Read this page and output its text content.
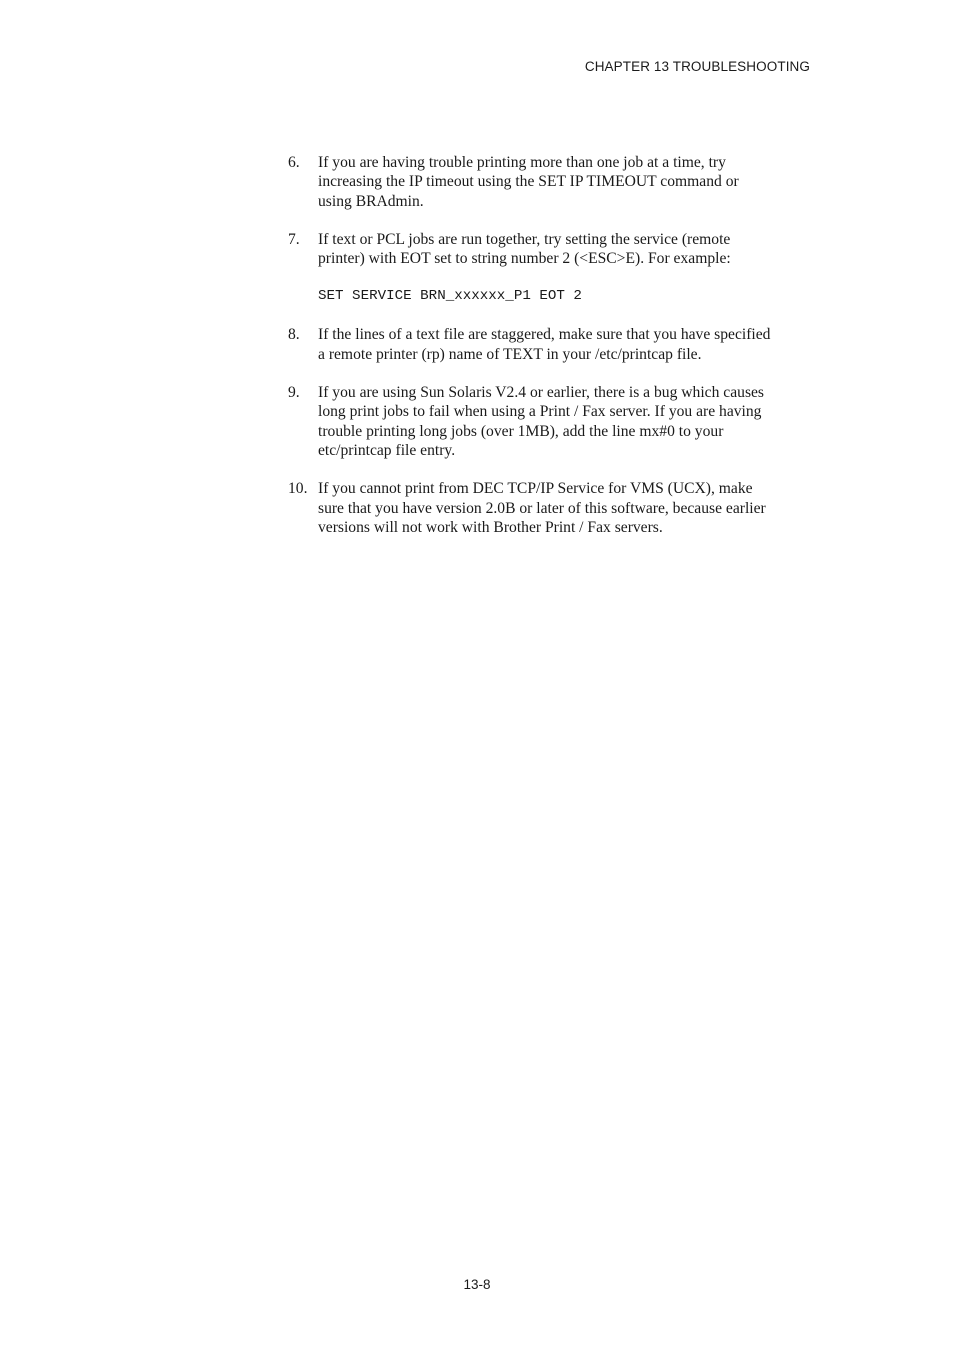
CHAPTER 13 TROUBLESHOOTING
6. If you are having trouble printing more than one job at a time, try

increasing the IP timeout using the SET IP TIMEOUT command or

using BRAdmin.

7. If text or PCL jobs are run together, try setting the service (remote

printer) with EOT set to string number 2 (<ESC>E). For example:

SET SERVICE BRN_xxxxxx_P1 EOT 2
8. If the lines of a text file are staggered, make sure that you have specified

a remote printer (rp) name of TEXT in your /etc/printcap file.

9. If you are using Sun Solaris V2.4 or earlier, there is a bug which causes

long print jobs to fail when using a Print / Fax server. If you are having

trouble printing long jobs (over 1MB), add the line mx#0 to your

etc/printcap file entry.

10. If you cannot print from DEC TCP/IP Service for VMS (UCX), make

sure that you have version 2.0B or later of this software, because earlier

versions will not work with Brother Print / Fax servers.

13-8
